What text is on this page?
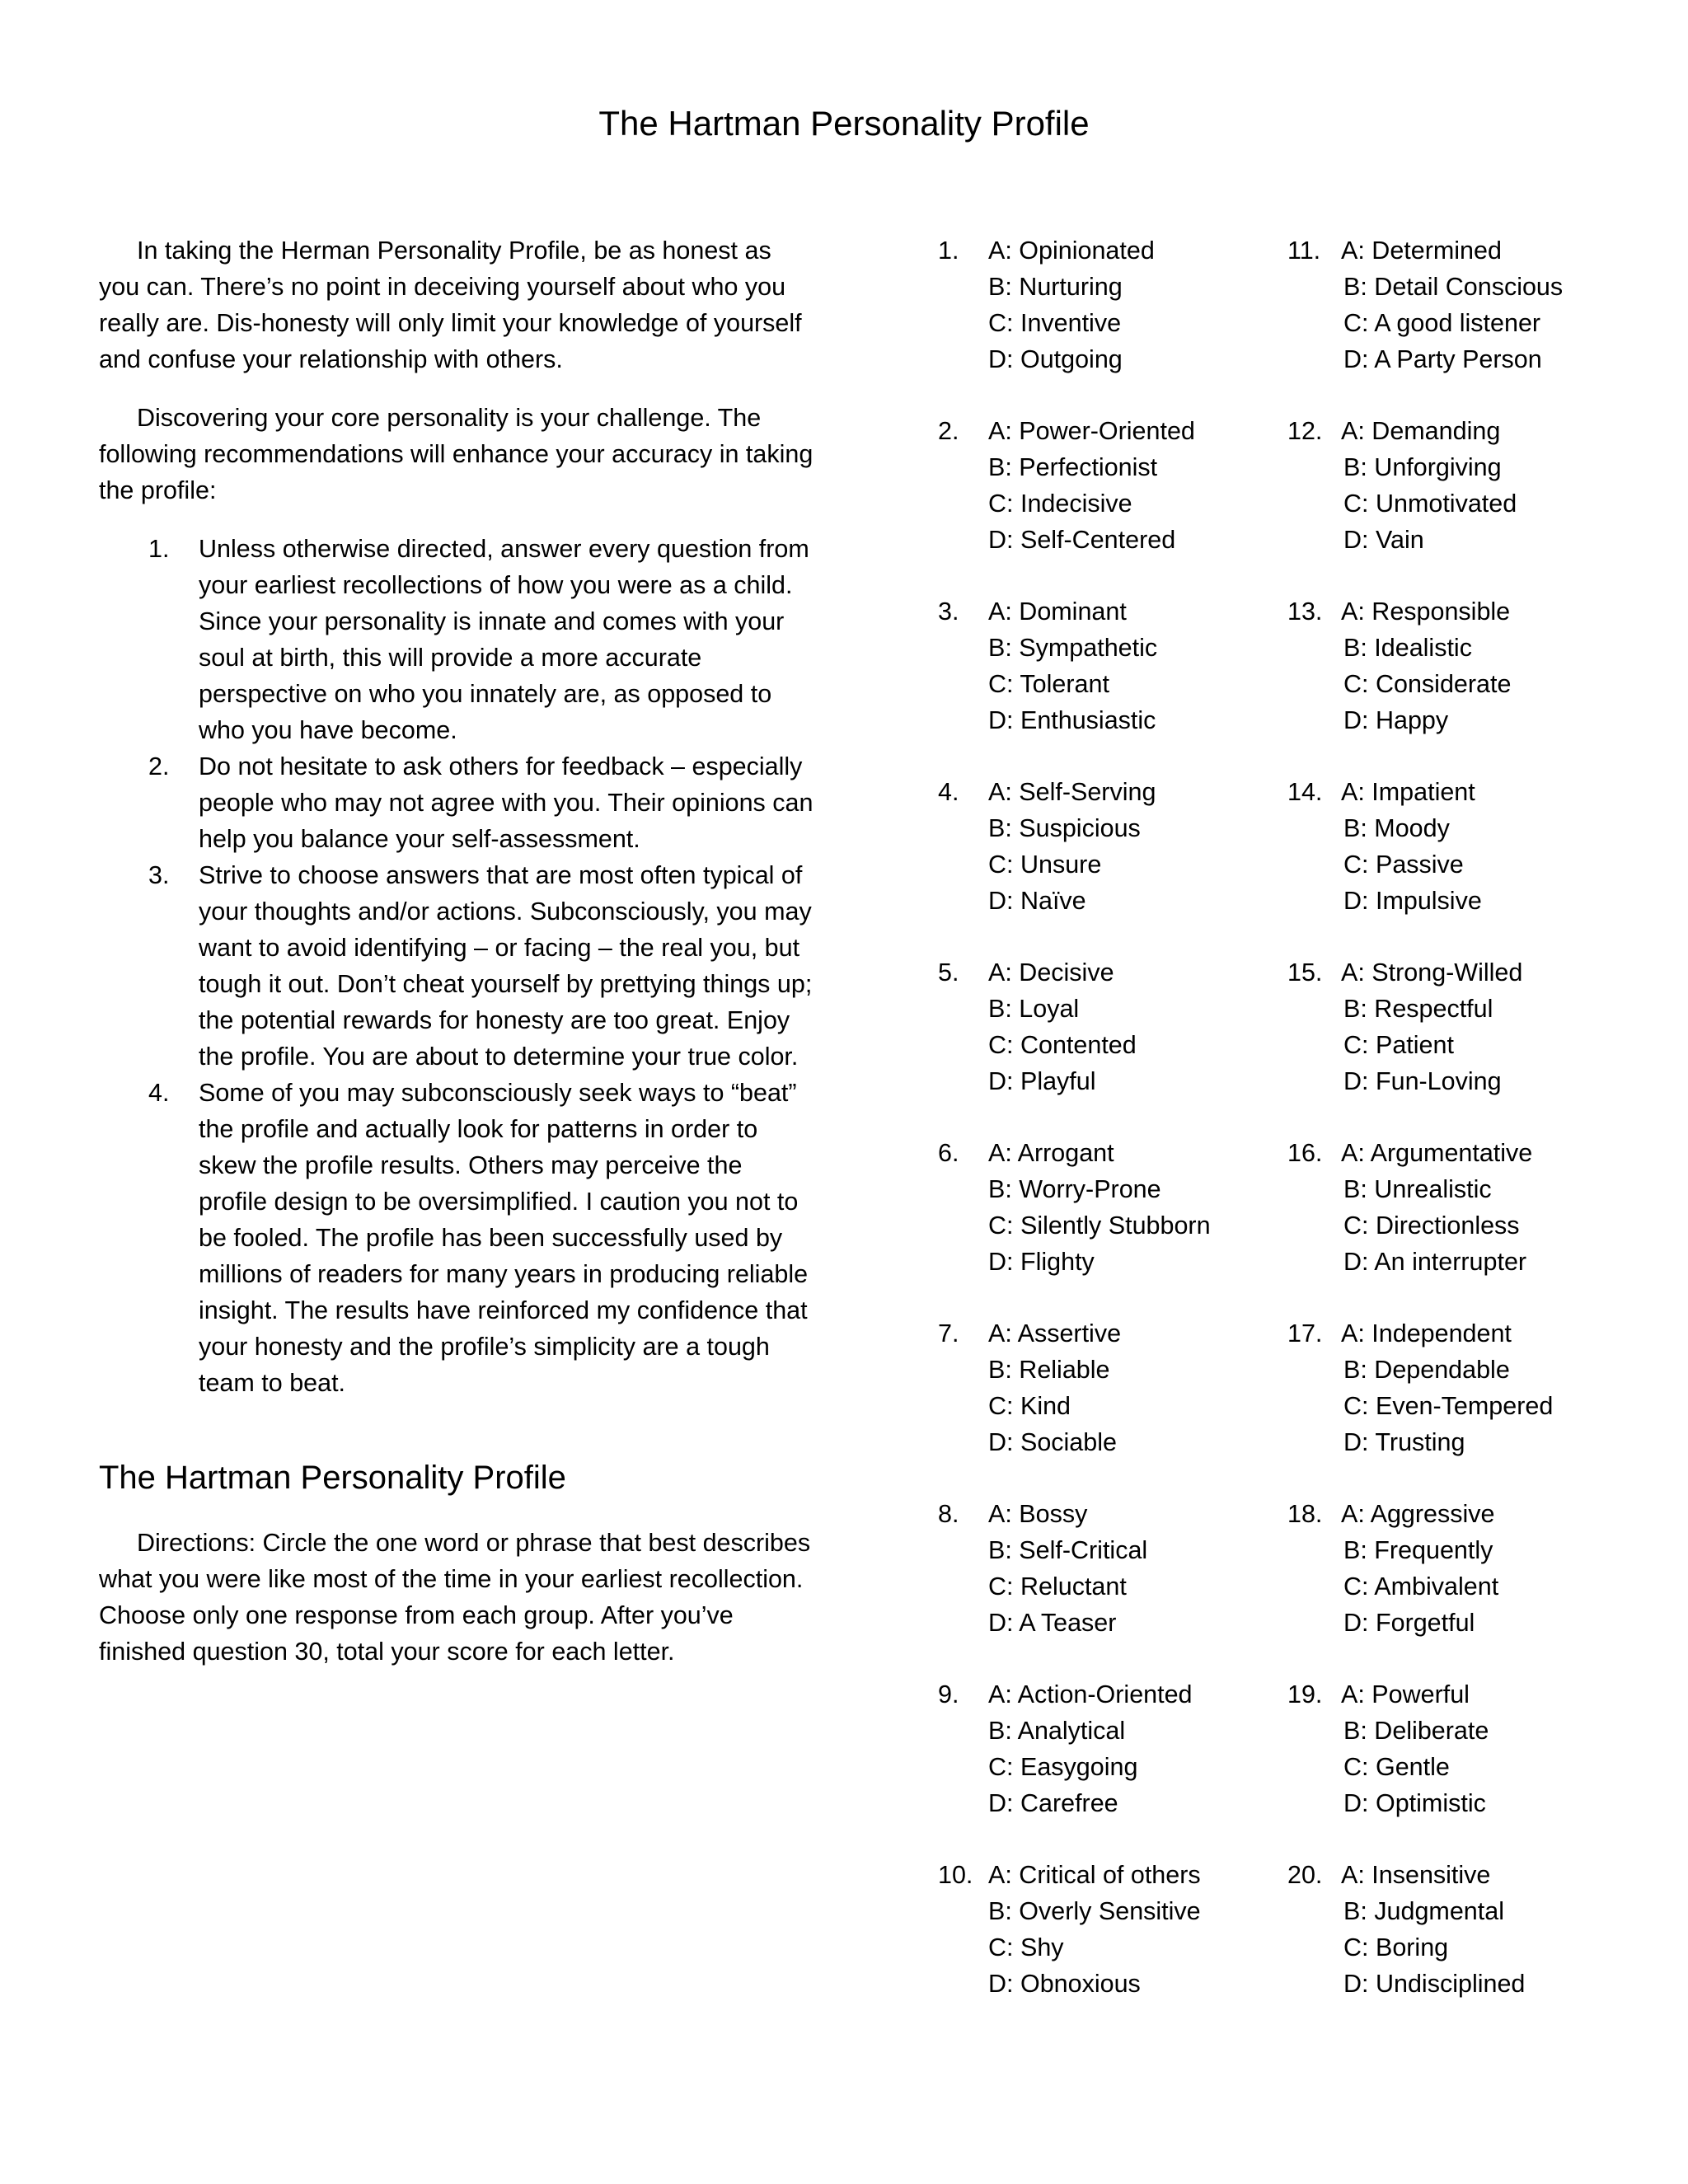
The Hartman Personality Profile

In taking the Herman Personality Profile, be as honest as you can. There’s no point in deceiving yourself about who you really are. Dis-honesty will only limit your knowledge of yourself and confuse your relationship with others.

Discovering your core personality is your challenge. The following recommendations will enhance your accuracy in taking the profile:

1. Unless otherwise directed, answer every question from your earliest recollections of how you were as a child. Since your personality is innate and comes with your soul at birth, this will provide a more accurate perspective on who you innately are, as opposed to who you have become.
2. Do not hesitate to ask others for feedback – especially people who may not agree with you. Their opinions can help you balance your self-assessment.
3. Strive to choose answers that are most often typical of your thoughts and/or actions. Subconsciously, you may want to avoid identifying – or facing – the real you, but tough it out. Don’t cheat yourself by prettying things up; the potential rewards for honesty are too great. Enjoy the profile. You are about to determine your true color.
4. Some of you may subconsciously seek ways to “beat” the profile and actually look for patterns in order to skew the profile results. Others may perceive the profile design to be oversimplified. I caution you not to be fooled. The profile has been successfully used by millions of readers for many years in producing reliable insight. The results have reinforced my confidence that your honesty and the profile’s simplicity are a tough team to beat.
The Hartman Personality Profile

Directions: Circle the one word or phrase that best describes what you were like most of the time in your earliest recollection. Choose only one response from each group. After you’ve finished question 30, total your score for each letter.

1. A: Opinionated
B: Nurturing
C: Inventive
D: Outgoing
2. A: Power-Oriented
B: Perfectionist
C: Indecisive
D: Self-Centered
3. A: Dominant
B: Sympathetic
C: Tolerant
D: Enthusiastic
4. A: Self-Serving
B: Suspicious
C: Unsure
D: Naïve
5. A: Decisive
B: Loyal
C: Contented
D: Playful
6. A: Arrogant
B: Worry-Prone
C: Silently Stubborn
D: Flighty
7. A: Assertive
B: Reliable
C: Kind
D: Sociable
8. A: Bossy
B: Self-Critical
C: Reluctant
D: A Teaser
9. A: Action-Oriented
B: Analytical
C: Easygoing
D: Carefree
10. A: Critical of others
B: Overly Sensitive
C: Shy
D: Obnoxious
11. A: Determined
B: Detail Conscious
C: A good listener
D: A Party Person
12. A: Demanding
B: Unforgiving
C: Unmotivated
D: Vain
13. A: Responsible
B: Idealistic
C: Considerate
D: Happy
14. A: Impatient
B: Moody
C: Passive
D: Impulsive
15. A: Strong-Willed
B: Respectful
C: Patient
D: Fun-Loving
16. A: Argumentative
B: Unrealistic
C: Directionless
D: An interrupter
17. A: Independent
B: Dependable
C: Even-Tempered
D: Trusting
18. A: Aggressive
B: Frequently
C: Ambivalent
D: Forgetful
19. A: Powerful
B: Deliberate
C: Gentle
D: Optimistic
20. A: Insensitive
B: Judgmental
C: Boring
D: Undisciplined
